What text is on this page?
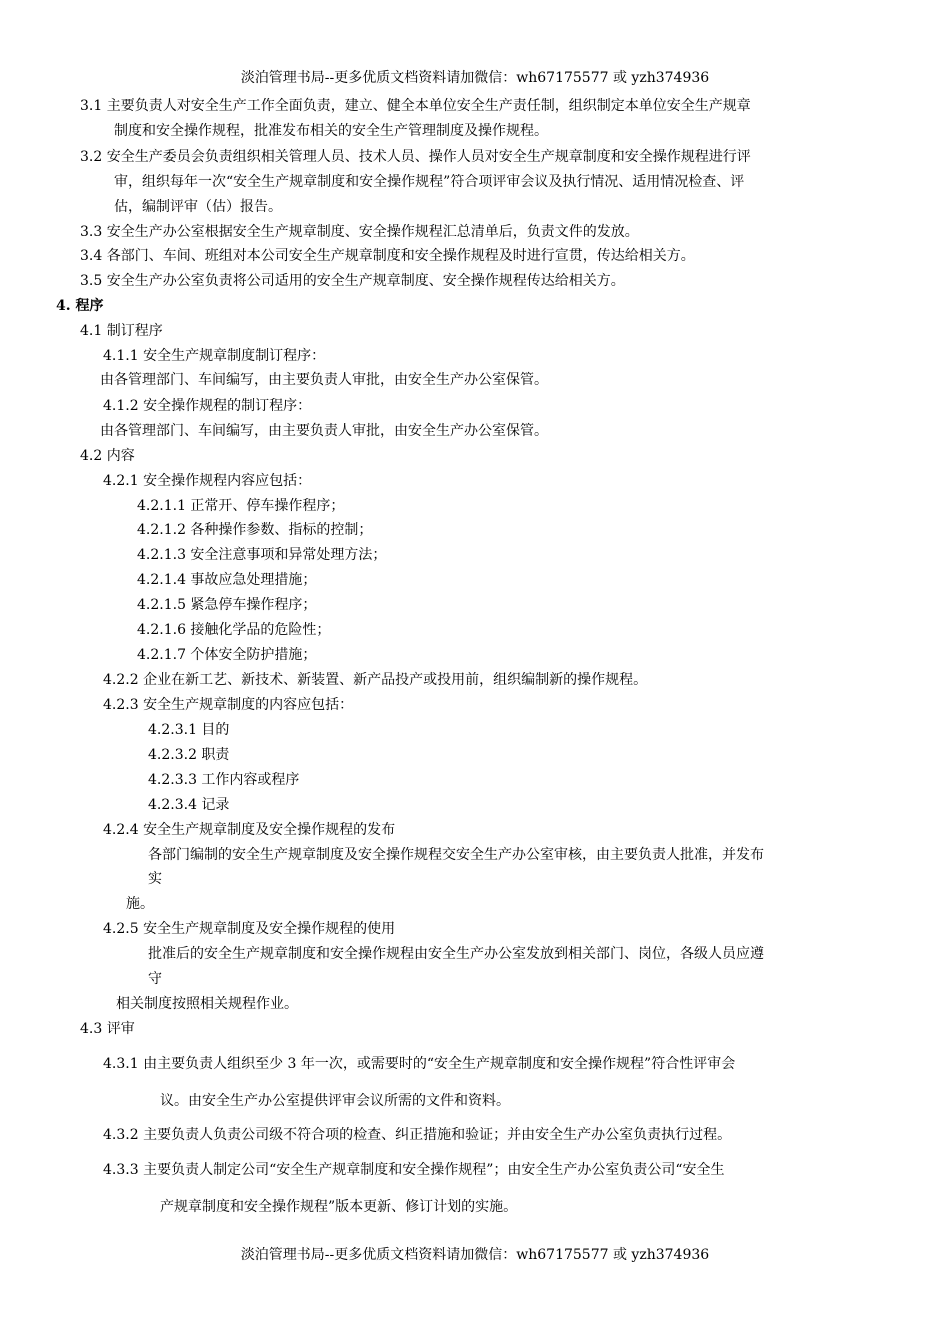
淡泊管理书局--更多优质文档资料请加微信：wh67175577 或 yzh374936
3.1 主要负责人对安全生产工作全面负责，建立、健全本单位安全生产责任制，组织制定本单位安全生产规章
制度和安全操作规程，批准发布相关的安全生产管理制度及操作规程。
3.2 安全生产委员会负责组织相关管理人员、技术人员、操作人员对安全生产规章制度和安全操作规程进行评
审，组织每年一次“安全生产规章制度和安全操作规程”符合项评审会议及执行情况、适用情况检查、评
估，编制评审（估）报告。
3.3 安全生产办公室根据安全生产规章制度、安全操作规程汇总清单后，负责文件的发放。
3.4 各部门、车间、班组对本公司安全生产规章制度和安全操作规程及时进行宣贯，传达给相关方。
3.5 安全生产办公室负责将公司适用的安全生产规章制度、安全操作规程传达给相关方。
4. 程序
4.1 制订程序
4.1.1 安全生产规章制度制订程序：
由各管理部门、车间编写，由主要负责人审批，由安全生产办公室保管。
4.1.2 安全操作规程的制订程序：
由各管理部门、车间编写，由主要负责人审批，由安全生产办公室保管。
4.2 内容
4.2.1 安全操作规程内容应包括：
4.2.1.1 正常开、停车操作程序；
4.2.1.2 各种操作参数、指标的控制；
4.2.1.3 安全注意事项和异常处理方法；
4.2.1.4 事故应急处理措施；
4.2.1.5 紧急停车操作程序；
4.2.1.6 接触化学品的危险性；
4.2.1.7 个体安全防护措施；
4.2.2 企业在新工艺、新技术、新装置、新产品投产或投用前，组织编制新的操作规程。
4.2.3 安全生产规章制度的内容应包括：
4.2.3.1 目的
4.2.3.2 职责
4.2.3.3 工作内容或程序
4.2.3.4 记录
4.2.4 安全生产规章制度及安全操作规程的发布
各部门编制的安全生产规章制度及安全操作规程交安全生产办公室审核，由主要负责人批准，并发布
实
施。
4.2.5 安全生产规章制度及安全操作规程的使用
批准后的安全生产规章制度和安全操作规程由安全生产办公室发放到相关部门、岗位，各级人员应遵
守
相关制度按照相关规程作业。
4.3 评审
4.3.1 由主要负责人组织至少 3 年一次，或需要时的“安全生产规章制度和安全操作规程”符合性评审会
议。由安全生产办公室提供评审会议所需的文件和资料。
4.3.2 主要负责人负责公司级不符合项的检查、纠正措施和验证；并由安全生产办公室负责执行过程。
4.3.3 主要负责人制定公司“安全生产规章制度和安全操作规程”；由安全生产办公室负责公司“安全生
产规章制度和安全操作规程”版本更新、修订计划的实施。
淡泊管理书局--更多优质文档资料请加微信：wh67175577 或 yzh374936
